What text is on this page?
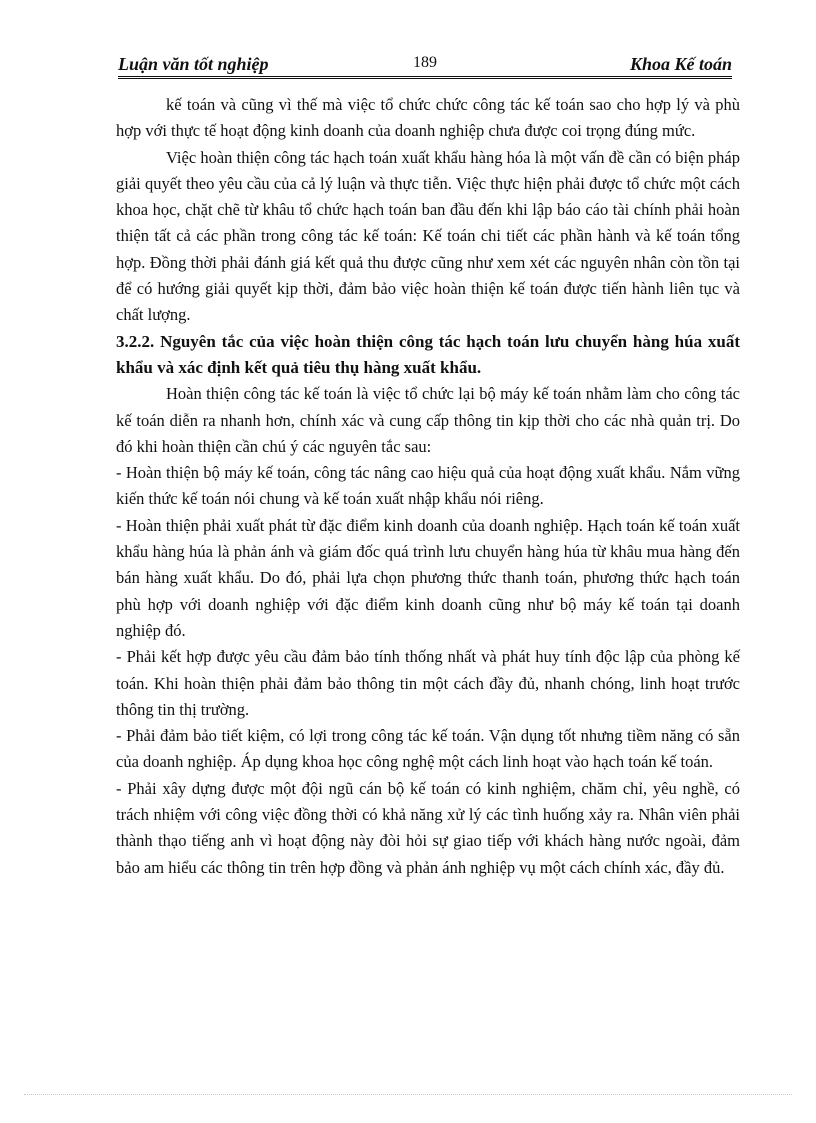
Luận văn tốt nghiệp	189	Khoa Kế toán

kế toán và cũng vì thế mà việc tổ chức chức công tác kế toán sao cho hợp lý và phù hợp với thực tế hoạt động kinh doanh của doanh nghiệp chưa được coi trọng đúng mức.

Việc hoàn thiện công tác hạch toán xuất khẩu hàng hóa là một vấn đề cần có biện pháp giải quyết theo yêu cầu của cả lý luận và thực tiễn. Việc thực hiện phải được tổ chức một cách khoa học, chặt chẽ từ khâu tổ chức hạch toán ban đầu đến khi lập báo cáo tài chính phải hoàn thiện tất cả các phần trong công tác kế toán: Kế toán chi tiết các phần hành và kế toán tổng hợp. Đồng thời phải đánh giá kết quả thu được cũng như xem xét các nguyên nhân còn tồn tại để có hướng giải quyết kịp thời, đảm bảo việc hoàn thiện kế toán được tiến hành liên tục và chất lượng.

3.2.2. Nguyên tắc của việc hoàn thiện công tác hạch toán lưu chuyển hàng húa xuất khẩu và xác định kết quả tiêu thụ hàng xuất khẩu.

Hoàn thiện công tác kế toán là việc tổ chức lại bộ máy kế toán nhằm làm cho công tác kế toán diễn ra nhanh hơn, chính xác và cung cấp thông tin kịp thời cho các nhà quản trị. Do đó khi hoàn thiện cần chú ý các nguyên tắc sau:

- Hoàn thiện bộ máy kế toán, công tác nâng cao hiệu quả của hoạt động xuất khẩu. Nắm vững kiến thức kế toán nói chung và kế toán xuất nhập khẩu nói riêng.

- Hoàn thiện phải xuất phát từ đặc điểm kinh doanh của doanh nghiệp. Hạch toán kế toán xuất khẩu hàng húa là phản ánh và giám đốc quá trình lưu chuyển hàng húa từ khâu mua hàng đến bán hàng xuất khẩu. Do đó, phải lựa chọn phương thức thanh toán, phương thức hạch toán phù hợp với doanh nghiệp với đặc điểm kinh doanh cũng như bộ máy kế toán tại doanh nghiệp đó.

- Phải kết hợp được yêu cầu đảm bảo tính thống nhất và phát huy tính độc lập của phòng kế toán. Khi hoàn thiện phải đảm bảo thông tin một cách đầy đủ, nhanh chóng, linh hoạt trước thông tin thị trường.

- Phải đảm bảo tiết kiệm, có lợi trong công tác kế toán. Vận dụng tốt nhưng tiềm năng có sẵn của doanh nghiệp. Áp dụng khoa học công nghệ một cách linh hoạt vào hạch toán kế toán.

- Phải xây dựng được một đội ngũ cán bộ kế toán có kinh nghiệm, chăm chỉ, yêu nghề, có trách nhiệm với công việc đồng thời có khả năng xử lý các tình huống xảy ra. Nhân viên phải thành thạo tiếng anh vì hoạt động này đòi hỏi sự giao tiếp với khách hàng nước ngoài, đảm bảo am hiểu các thông tin trên hợp đồng và phản ánh nghiệp vụ một cách chính xác, đầy đủ.
